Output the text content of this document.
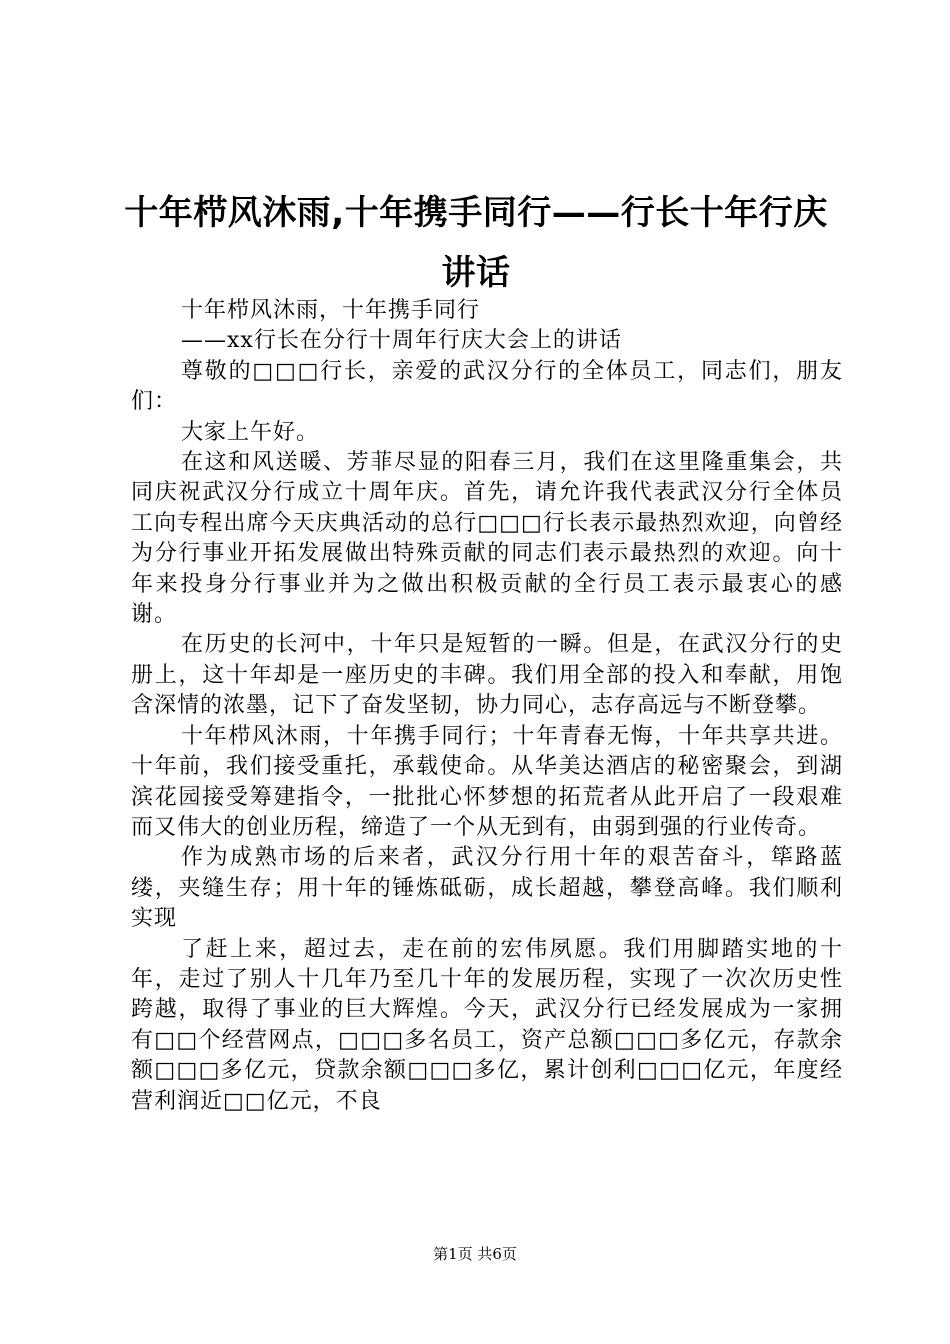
十年栉风沐雨,十年携手同行——行长十年行庆讲话

十年栉风沐雨，十年携手同行

——xx行长在分行十周年行庆大会上的讲话

尊敬的□□□行长，亲爱的武汉分行的全体员工，同志们，朋友们：

大家上午好。

在这和风送暖、芳菲尽显的阳春三月，我们在这里隆重集会，共同庆祝武汉分行成立十周年庆。首先，请允许我代表武汉分行全体员工向专程出席今天庆典活动的总行□□□行长表示最热烈欢迎，向曾经为分行事业开拓发展做出特殊贡献的同志们表示最热烈的欢迎。向十年来投身分行事业并为之做出积极贡献的全行员工表示最衷心的感谢。

在历史的长河中，十年只是短暂的一瞬。但是，在武汉分行的史册上，这十年却是一座历史的丰碑。我们用全部的投入和奉献，用饱含深情的浓墨，记下了奋发坚韧，协力同心，志存高远与不断登攀。

十年栉风沐雨，十年携手同行；十年青春无悔，十年共享共进。十年前，我们接受重托，承载使命。从华美达酒店的秘密聚会，到湖滨花园接受筹建指令，一批批心怀梦想的拓荒者从此开启了一段艰难而又伟大的创业历程，缔造了一个从无到有，由弱到强的行业传奇。

作为成熟市场的后来者，武汉分行用十年的艰苦奋斗，筚路蓝缕，夹缝生存；用十年的锤炼砥砺，成长超越，攀登高峰。我们顺利实现

了赶上来，超过去，走在前的宏伟夙愿。我们用脚踏实地的十年，走过了别人十几年乃至几十年的发展历程，实现了一次次历史性跨越，取得了事业的巨大辉煌。今天，武汉分行已经发展成为一家拥有□□个经营网点，□□□多名员工，资产总额□□□多亿元，存款余额□□□多亿元，贷款余额□□□多亿，累计创利□□□亿元，年度经营利润近□□亿元，不良

第1页 共6页
